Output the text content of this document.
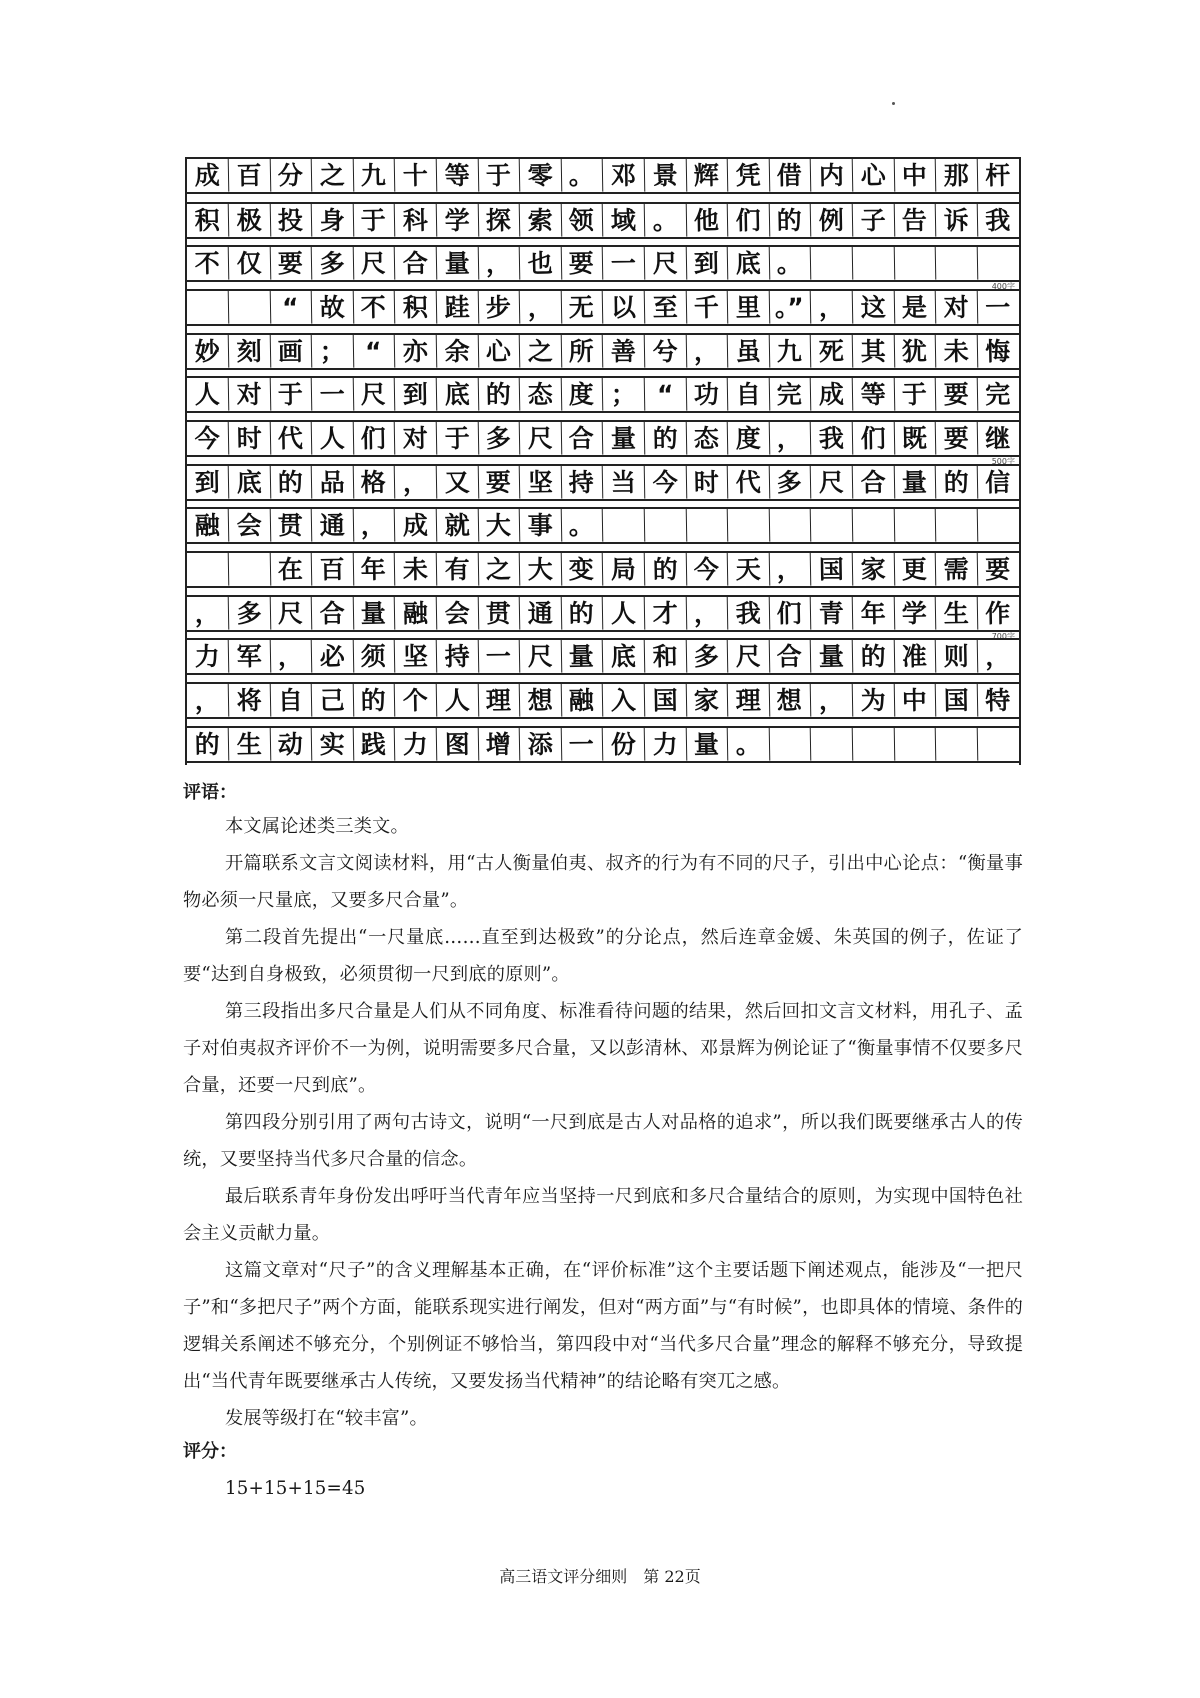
成 百 分 之 九 十 等 于 零 。 邓 景 辉 凭 借 内 心 中 那 杆
积 极 投 身 于 科 学 探 索 领 域 。 他 们 的 例 子 告 诉 我
不 仅 要 多 尺 合 量 ， 也 要 一 尺 到 底 。
400字
“ 故 不 积 跬 步 ， 无 以 至 千 里 。” ， 这 是 对 一
妙 刻 画 ； “ 亦 余 心 之 所 善 兮 ， 虽 九 死 其 犹 未 悔
人 对 于 一 尺 到 底 的 态 度 ； “ 功 自 完 成 等 于 要 完
今 时 代 人 们 对 于 多 尺 合 量 的 态 度 ， 我 们 既 要 继
500字
到 底 的 品 格 ， 又 要 坚 持 当 今 时 代 多 尺 合 量 的 信
融 会 贯 通 ， 成 就 大 事 。
在 百 年 未 有 之 大 变 局 的 今 天 ， 国 家 更 需 要
， 多 尺 合 量 融 会 贯 通 的 人 才 ， 我 们 青 年 学 生 作
700字
力 军 ， 必 须 坚 持 一 尺 量 底 和 多 尺 合 量 的 准 则 ，
， 将 自 己 的 个 人 理 想 融 入 国 家 理 想 ， 为 中 国 特
的 生 动 实 践 力 图 增 添 一 份 力 量 。
评语：
本文属论述类三类文。
开篇联系文言文阅读材料，用“古人衡量伯夷、叔齐的行为有不同的尺子，引出中心论点：“衡量事物必须一尺量底，又要多尺合量”。
第二段首先提出“一尺量底……直至到达极致”的分论点，然后连章金媛、朱英国的例子，佐证了要“达到自身极致，必须贯彻一尺到底的原则”。
第三段指出多尺合量是人们从不同角度、标准看待问题的结果，然后回扣文言文材料，用孔子、孟子对伯夷叔齐评价不一为例，说明需要多尺合量，又以彭清林、邓景辉为例论证了“衡量事情不仅要多尺合量，还要一尺到底”。
第四段分别引用了两句古诗文，说明“一尺到底是古人对品格的追求”，所以我们既要继承古人的传统，又要坚持当代多尺合量的信念。
最后联系青年身份发出呼吁当代青年应当坚持一尺到底和多尺合量结合的原则，为实现中国特色社会主义贡献力量。
这篇文章对“尺子”的含义理解基本正确，在“评价标准”这个主要话题下阐述观点，能涉及“一把尺子”和“多把尺子”两个方面，能联系现实进行阐发，但对“两方面”与“有时候”，也即具体的情境、条件的逻辑关系阐述不够充分，个别例证不够恰当，第四段中对“当代多尺合量”理念的解释不够充分，导致提出“当代青年既要继承古人传统，又要发扬当代精神”的结论略有突兀之感。
发展等级打在“较丰富”。
评分：
15+15+15=45
高三语文评分细则　第 22页
